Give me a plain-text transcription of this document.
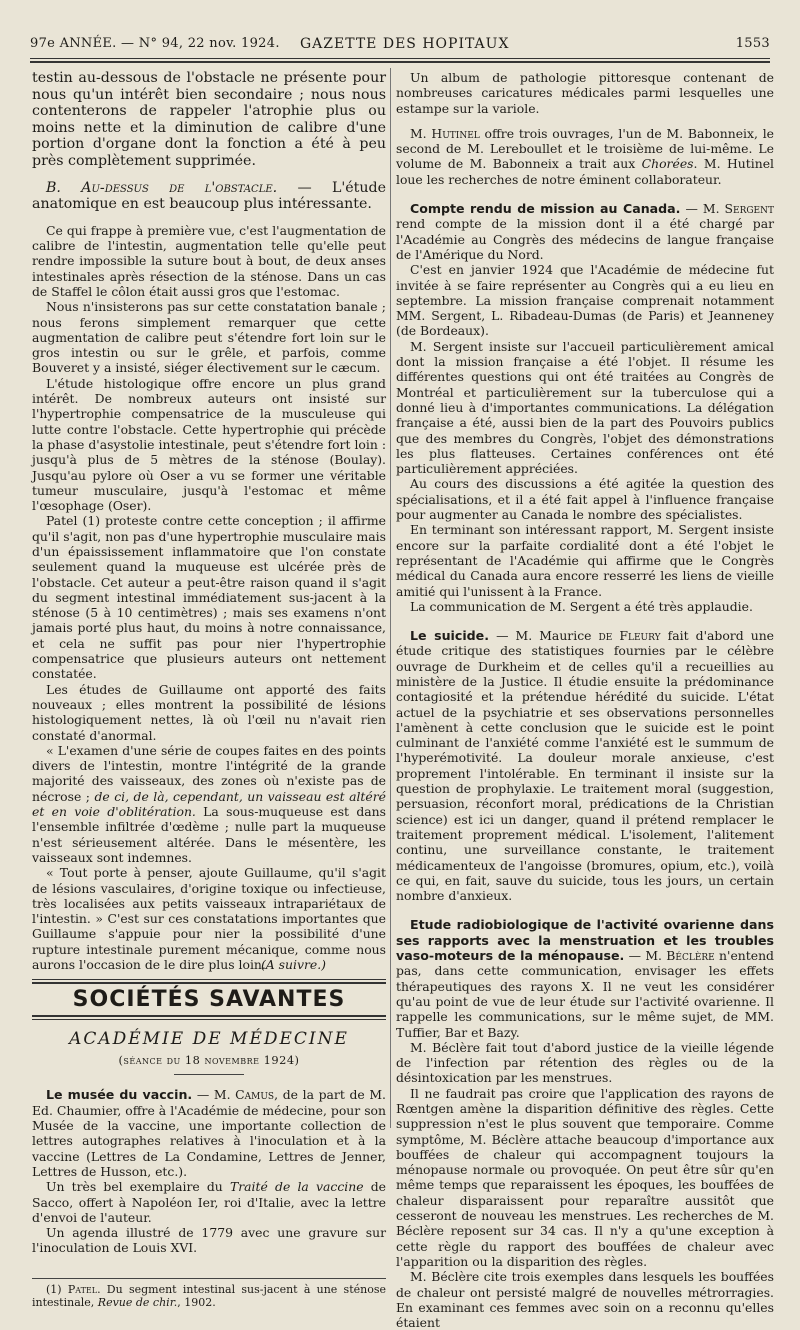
97e ANNÉE. — N° 94, 22 nov. 1924. GAZETTE DES HOPITAUX	1553

testin au-dessous de l'obstacle ne présente pour nous qu'un intérêt bien secondaire ; nous nous contenterons de rappeler l'atrophie plus ou moins nette et la diminution de calibre d'une portion d'organe dont la fonction a été à peu près complètement supprimée.

B. Au-dessus de l'obstacle. — L'étude anatomique en est beaucoup plus intéressante.

Ce qui frappe à première vue, c'est l'augmentation de calibre de l'intestin, augmentation telle qu'elle peut rendre impossible la suture bout à bout, de deux anses intestinales après résection de la sténose. Dans un cas de Staffel le côlon était aussi gros que l'estomac.

Nous n'insisterons pas sur cette constatation banale ; nous ferons simplement remarquer que cette augmentation de calibre peut s'étendre fort loin sur le gros intestin ou sur le grêle, et parfois, comme Bouveret y a insisté, siéger électivement sur le cæcum.

L'étude histologique offre encore un plus grand intérêt. De nombreux auteurs ont insisté sur l'hypertrophie compensatrice de la musculeuse qui lutte contre l'obstacle. Cette hypertrophie qui précède la phase d'asystolie intestinale, peut s'étendre fort loin : jusqu'à plus de 5 mètres de la sténose (Boulay). Jusqu'au pylore où Oser a vu se former une véritable tumeur musculaire, jusqu'à l'estomac et même l'œsophage (Oser).

Patel (1) proteste contre cette conception ; il affirme qu'il s'agit, non pas d'une hypertrophie musculaire mais d'un épaississement inflammatoire que l'on constate seulement quand la muqueuse est ulcérée près de l'obstacle. Cet auteur a peut-être raison quand il s'agit du segment intestinal immédiatement sus-jacent à la sténose (5 à 10 centimètres) ; mais ses examens n'ont jamais porté plus haut, du moins à notre connaissance, et cela ne suffit pas pour nier l'hypertrophie compensatrice que plusieurs auteurs ont nettement constatée.

Les études de Guillaume ont apporté des faits nouveaux ; elles montrent la possibilité de lésions histologiquement nettes, là où l'œil nu n'avait rien constaté d'anormal.

« L'examen d'une série de coupes faites en des points divers de l'intestin, montre l'intégrité de la grande majorité des vaisseaux, des zones où n'existe pas de nécrose ; de ci, de là, cependant, un vaisseau est altéré et en voie d'oblitération. La sous-muqueuse est dans l'ensemble infiltrée d'œdème ; nulle part la muqueuse n'est sérieusement altérée. Dans le mésentère, les vaisseaux sont indemnes.

« Tout porte à penser, ajoute Guillaume, qu'il s'agit de lésions vasculaires, d'origine toxique ou infectieuse, très localisées aux petits vaisseaux intrapariétaux de l'intestin. » C'est sur ces constatations importantes que Guillaume s'appuie pour nier la possibilité d'une rupture intestinale purement mécanique, comme nous aurons l'occasion de le dire plus loin.

(A suivre.)
SOCIÉTÉS SAVANTES
ACADÉMIE DE MÉDECINE
(séance du 18 novembre 1924)

Le musée du vaccin. — M. Camus, de la part de M. Ed. Chaumier, offre à l'Académie de médecine, pour son Musée de la vaccine, une importante collection de lettres autographes relatives à l'inoculation et à la vaccine (Lettres de La Condamine, Lettres de Jenner, Lettres de Husson, etc.).

Un très bel exemplaire du Traité de la vaccine de Sacco, offert à Napoléon Ier, roi d'Italie, avec la lettre d'envoi de l'auteur.

Un agenda illustré de 1779 avec une gravure sur l'inoculation de Louis XVI.

(1) Patel. Du segment intestinal sus-jacent à une sténose intestinale, Revue de chir., 1902.

Un album de pathologie pittoresque contenant de nombreuses caricatures médicales parmi lesquelles une estampe sur la variole.

M. Hutinel offre trois ouvrages, l'un de M. Babonneix, le second de M. Lereboullet et le troisième de lui-même. Le volume de M. Babonneix a trait aux Chorées. M. Hutinel loue les recherches de notre éminent collaborateur.

Compte rendu de mission au Canada. — M. Sergent rend compte de la mission dont il a été chargé par l'Académie au Congrès des médecins de langue française de l'Amérique du Nord.

C'est en janvier 1924 que l'Académie de médecine fut invitée à se faire représenter au Congrès qui a eu lieu en septembre. La mission française comprenait notamment MM. Sergent, L. Ribadeau-Dumas (de Paris) et Jeanneney (de Bordeaux).

M. Sergent insiste sur l'accueil particulièrement amical dont la mission française a été l'objet. Il résume les différentes questions qui ont été traitées au Congrès de Montréal et particulièrement sur la tuberculose qui a donné lieu à d'importantes communications. La délégation française a été, aussi bien de la part des Pouvoirs publics que des membres du Congrès, l'objet des démonstrations les plus flatteuses. Certaines conférences ont été particulièrement appréciées.

Au cours des discussions a été agitée la question des spécialisations, et il a été fait appel à l'influence française pour augmenter au Canada le nombre des spécialistes.

En terminant son intéressant rapport, M. Sergent insiste encore sur la parfaite cordialité dont a été l'objet le représentant de l'Académie qui affirme que le Congrès médical du Canada aura encore resserré les liens de vieille amitié qui l'unissent à la France.

La communication de M. Sergent a été très applaudie.

Le suicide. — M. Maurice de Fleury fait d'abord une étude critique des statistiques fournies par le célèbre ouvrage de Durkheim et de celles qu'il a recueillies au ministère de la Justice. Il étudie ensuite la prédominance contagiosité et la prétendue hérédité du suicide. L'état actuel de la psychiatrie et ses observations personnelles l'amènent à cette conclusion que le suicide est le point culminant de l'anxiété comme l'anxiété est le summum de l'hyperémotivité. La douleur morale anxieuse, c'est proprement l'intolérable. En terminant il insiste sur la question de prophylaxie. Le traitement moral (suggestion, persuasion, réconfort moral, prédications de la Christian science) est ici un danger, quand il prétend remplacer le traitement proprement médical. L'isolement, l'alitement continu, une surveillance constante, le traitement médicamenteux de l'angoisse (bromures, opium, etc.), voilà ce qui, en fait, sauve du suicide, tous les jours, un certain nombre d'anxieux.

Etude radiobiologique de l'activité ovarienne dans ses rapports avec la menstruation et les troubles vaso-moteurs de la ménopause. — M. Béclère n'entend pas, dans cette communication, envisager les effets thérapeutiques des rayons X. Il ne veut les considérer qu'au point de vue de leur étude sur l'activité ovarienne. Il rappelle les communications, sur le même sujet, de MM. Tuffier, Bar et Bazy.

M. Béclère fait tout d'abord justice de la vieille légende de l'infection par rétention des règles ou de la désintoxication par les menstrues.

Il ne faudrait pas croire que l'application des rayons de Rœntgen amène la disparition définitive des règles. Cette suppression n'est le plus souvent que temporaire. Comme symptôme, M. Béclère attache beaucoup d'importance aux bouffées de chaleur qui accompagnent toujours la ménopause normale ou provoquée. On peut être sûr qu'en même temps que reparaissent les époques, les bouffées de chaleur disparaissent pour reparaître aussitôt que cesseront de nouveau les menstrues. Les recherches de M. Béclère reposent sur 34 cas. Il n'y a qu'une exception à cette règle du rapport des bouffées de chaleur avec l'apparition ou la disparition des règles.

M. Béclère cite trois exemples dans lesquels les bouffées de chaleur ont persisté malgré de nouvelles métrorragies. En examinant ces femmes avec soin on a reconnu qu'elles étaient
